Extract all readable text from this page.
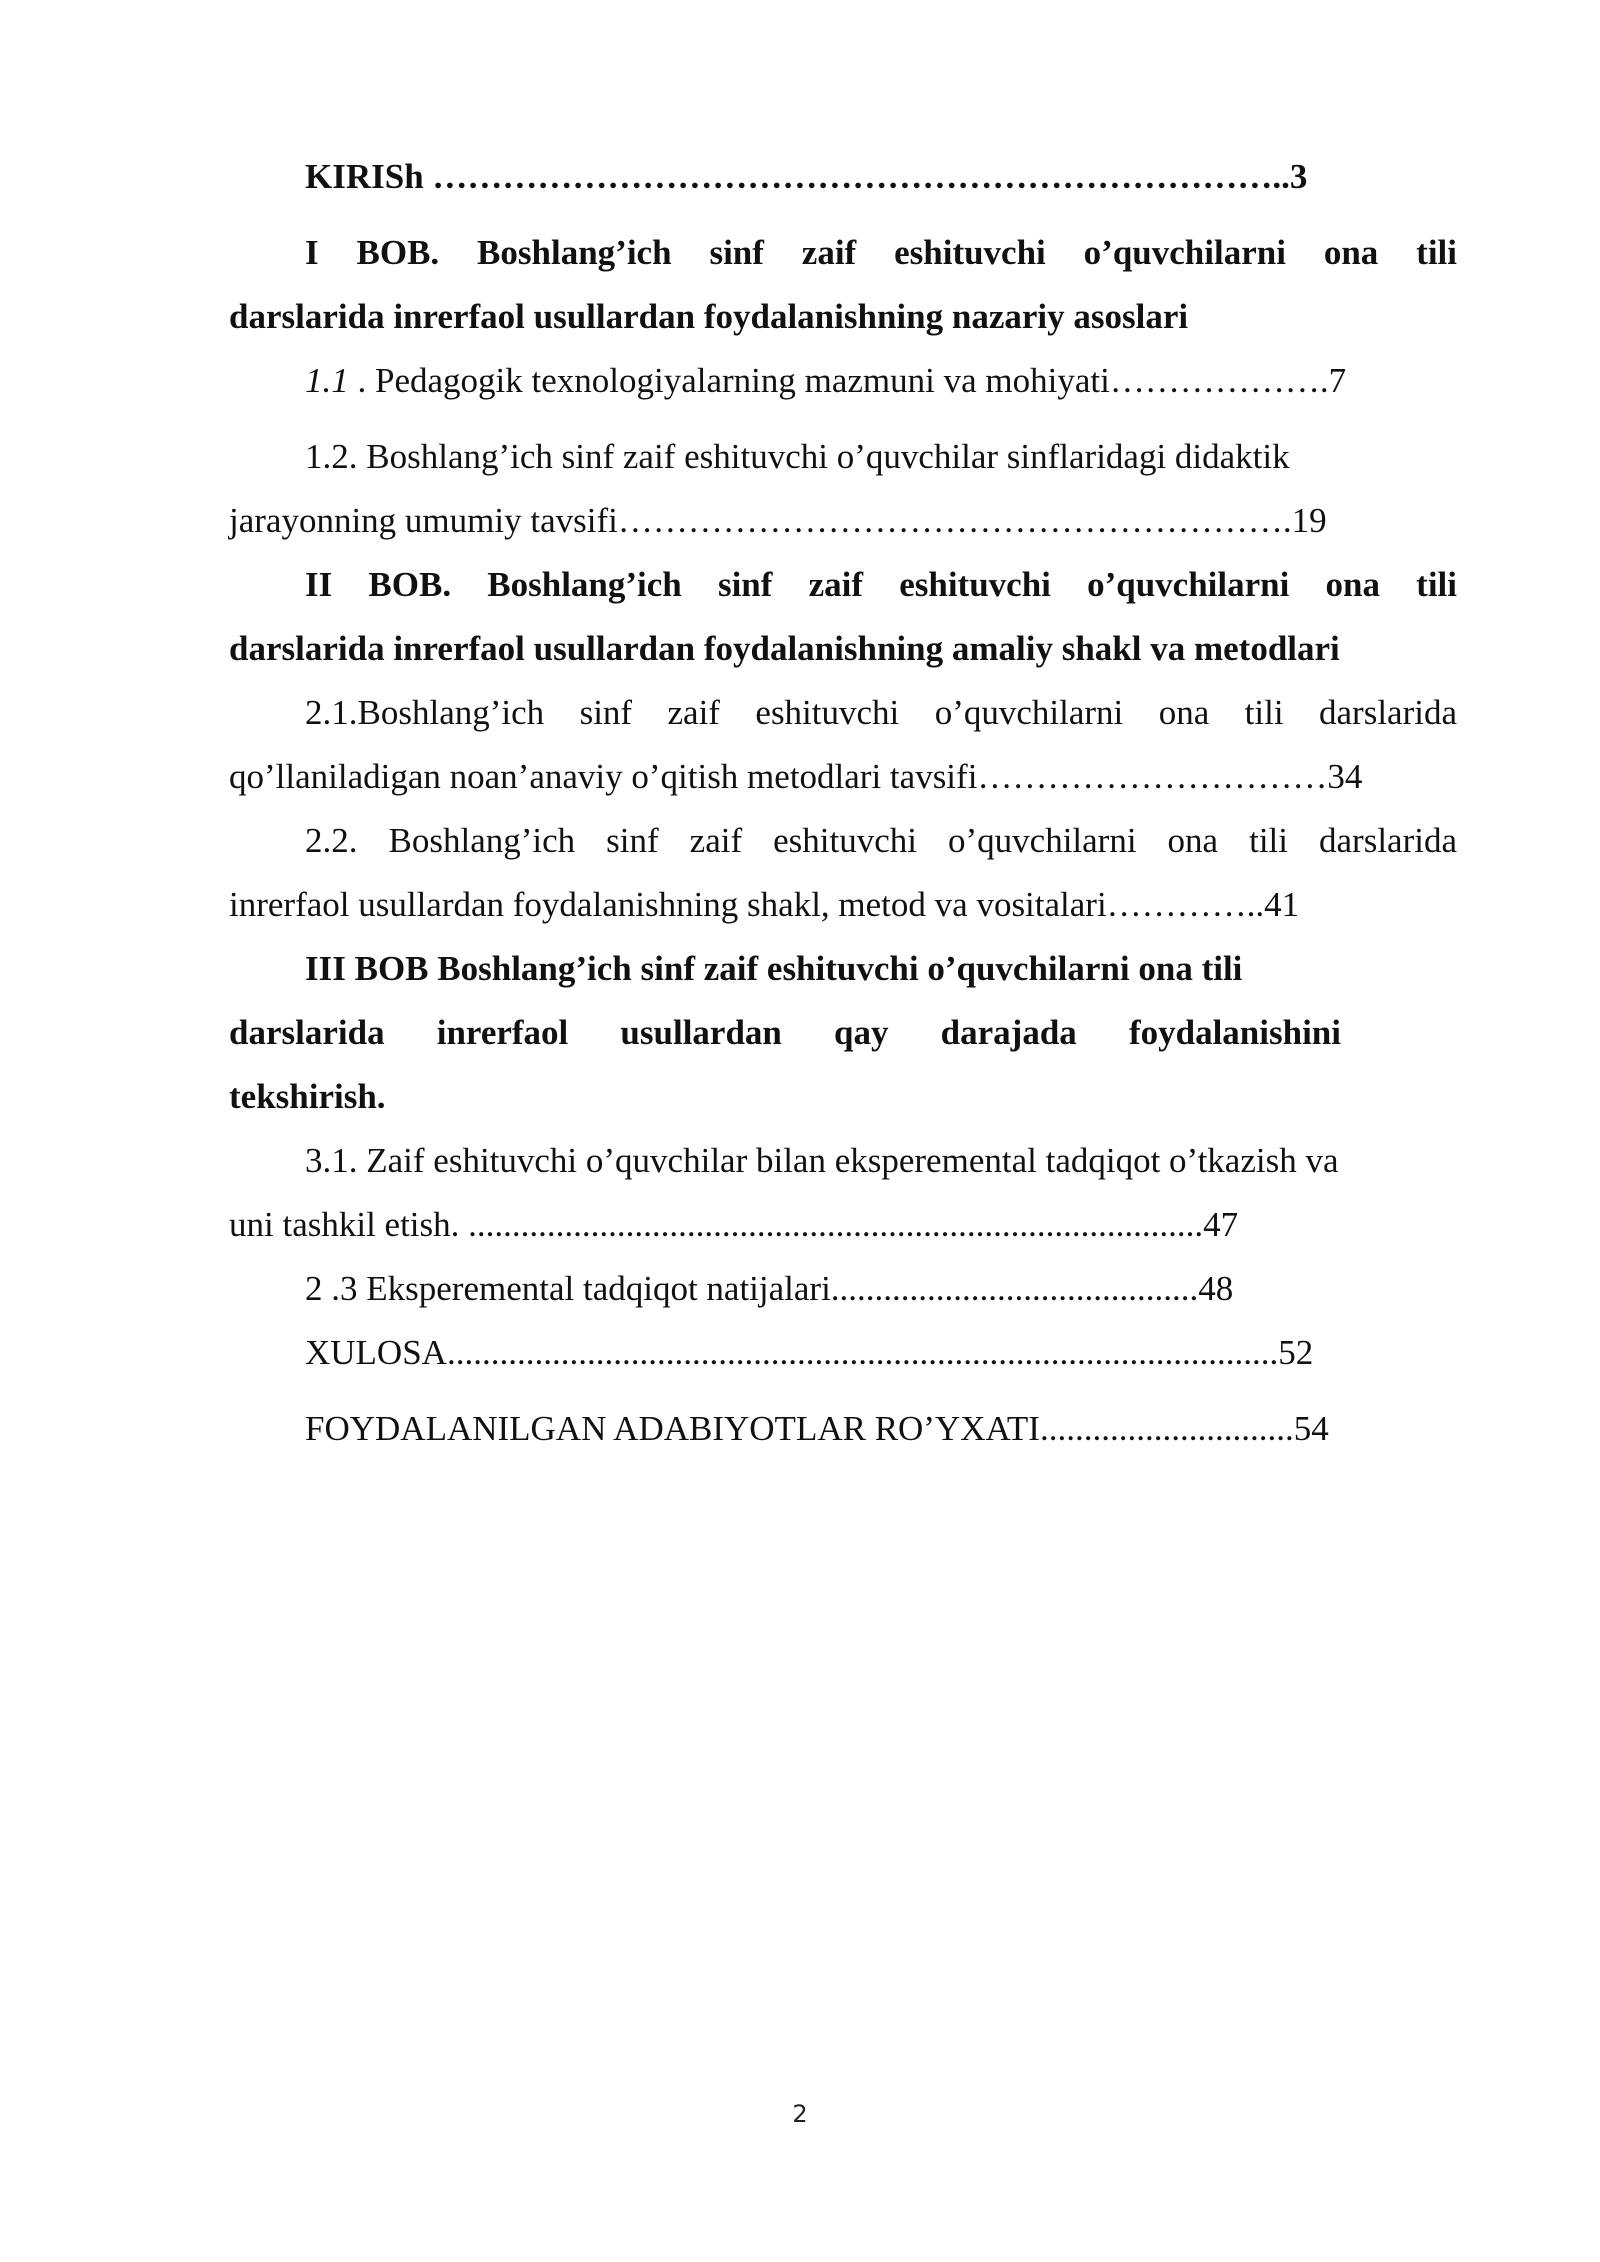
KIRISh ………………………………………………………………..3
I BOB. Boshlang’ich sinf zaif eshituvchi o’quvchilarni ona tili
darslarida inrerfaol usullardan foydalanishning nazariy asoslari
1.1 . Pedagogik texnologiyalarning mazmuni va mohiyati……………….7
1.2. Boshlang’ich sinf zaif eshituvchi o’quvchilar sinflaridagi didaktik
jarayonning umumiy tavsifi………………………………………………….19
II BOB. Boshlang’ich sinf zaif eshituvchi o’quvchilarni ona tili
darslarida inrerfaol usullardan foydalanishning amaliy shakl va metodlari
2.1.Boshlang’ich sinf zaif eshituvchi o’quvchilarni ona tili darslarida
qo’llaniladigan noan’anaviy o’qitish metodlari tavsifi…………………………34
2.2. Boshlang’ich sinf zaif eshituvchi o’quvchilarni ona tili darslarida
inrerfaol usullardan foydalanishning shakl, metod va vositalari…………..41
III BOB Boshlang’ich sinf zaif eshituvchi o’quvchilarni ona tili
darslarida inrerfaol usullardan qay darajada foydalanishini
tekshirish.
3.1. Zaif eshituvchi o’quvchilar bilan eksperemental tadqiqot o’tkazish va
uni tashkil etish. ....................................................................................47
2 .3 Eksperemental tadqiqot natijalari..........................................48
XULOSA...............................................................................................52
FOYDALANILGAN ADABIYOTLAR RO’YXATI.............................54
2
